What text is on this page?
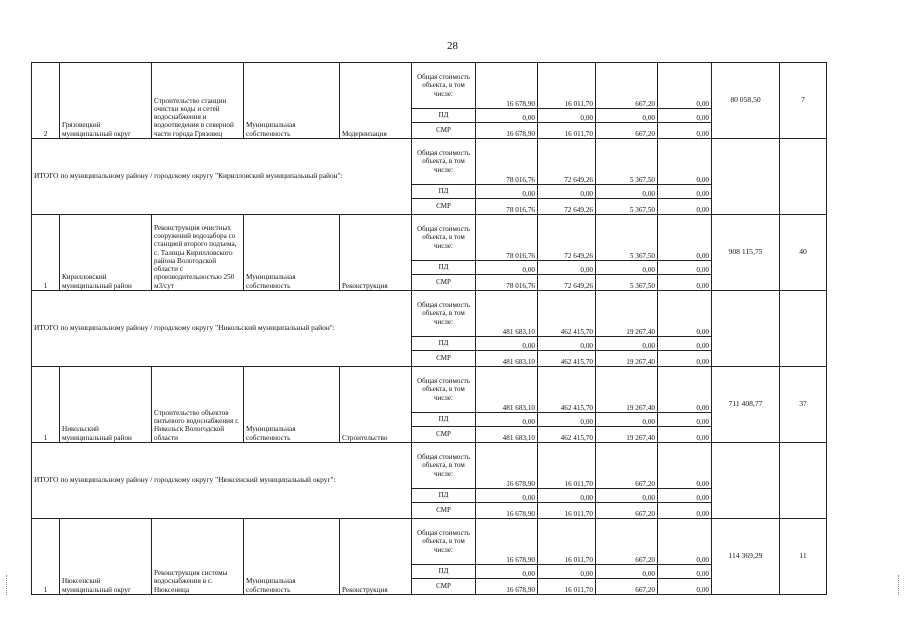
28
2	Грязовецкий муниципальный округ	Строительство станции очистки воды и сетей водоснабжения и водоотведения в северной части города Грязовец	Муниципальная собственность	Модернизация	Общая стоимость объекта, в том числе:	16 678,90	16 011,70	667,20	0,00	80 058,50	7
					ПД	0,00	0,00	0,00	0,00		
					СМР	16 678,90	16 011,70	667,20	0,00		
ИТОГО по муниципальному району / городскому округу "Кирилловский муниципальный район":					Общая стоимость объекта, в том числе:	78 016,76	72 649,26	5 367,50	0,00		
					ПД	0,00	0,00	0,00	0,00		
					СМР	78 016,76	72 649,26	5 367,50	0,00		
1	Кирилловский муниципальный район	Реконструкция очистных сооружений водозабора со станцией второго подъема, с. Талицы Кирилловского района Вологодской области с производительностью 250 м3/сут	Муниципальная собственность	Реконструкция	Общая стоимость объекта, в том числе:	78 016,76	72 649,26	5 367,50	0,00	908 115,75	40
					ПД	0,00	0,00	0,00	0,00		
					СМР	78 016,76	72 649,26	5 367,50	0,00		
ИТОГО по муниципальному району / городскому округу "Никольский муниципальный район":					Общая стоимость объекта, в том числе:	481 683,10	462 415,70	19 267,40	0,00		
					ПД	0,00	0,00	0,00	0,00		
					СМР	481 683,10	462 415,70	19 267,40	0,00		
1	Никольский муниципальный район	Строительство объектов питьевого водоснабжения г. Никольск Вологодской области	Муниципальная собственность	Строительство	Общая стоимость объекта, в том числе:	481 683,10	462 415,70	19 267,40	0,00	711 408,77	37
					ПД	0,00	0,00	0,00	0,00		
					СМР	481 683,10	462 415,70	19 267,40	0,00		
ИТОГО по муниципальному району / городскому округу "Нюксенский муниципальный округ":					Общая стоимость объекта, в том числе:	16 678,90	16 011,70	667,20	0,00		
					ПД	0,00	0,00	0,00	0,00		
					СМР	16 678,90	16 011,70	667,20	0,00		
1	Нюксенский муниципальный округ	Реконструкция системы водоснабжения в с. Нюксеница	Муниципальная собственность	Реконструкция	Общая стоимость объекта, в том числе:	16 678,90	16 011,70	667,20	0,00	114 369,29	11
					ПД	0,00	0,00	0,00	0,00		
					СМР	16 678,90	16 011,70	667,20	0,00		
